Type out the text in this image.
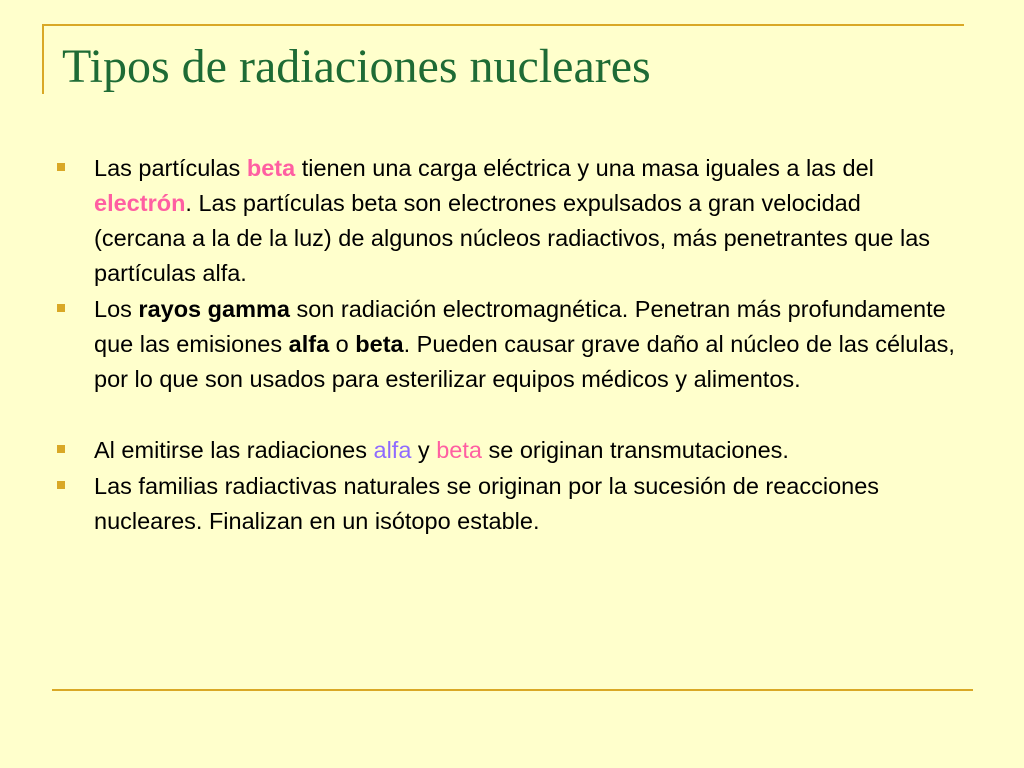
Tipos de radiaciones nucleares
Las partículas beta tienen una carga eléctrica y una masa iguales a las del electrón. Las partículas beta son electrones expulsados a gran velocidad (cercana a la de la luz) de algunos núcleos radiactivos, más penetrantes que las partículas alfa.
Los rayos gamma son radiación electromagnética. Penetran más profundamente que las emisiones alfa o beta. Pueden causar grave daño al núcleo de las células, por lo que son usados para esterilizar equipos médicos y alimentos.
Al emitirse las radiaciones alfa y beta se originan transmutaciones.
Las familias radiactivas naturales se originan por la sucesión de reacciones nucleares. Finalizan en un isótopo estable.
